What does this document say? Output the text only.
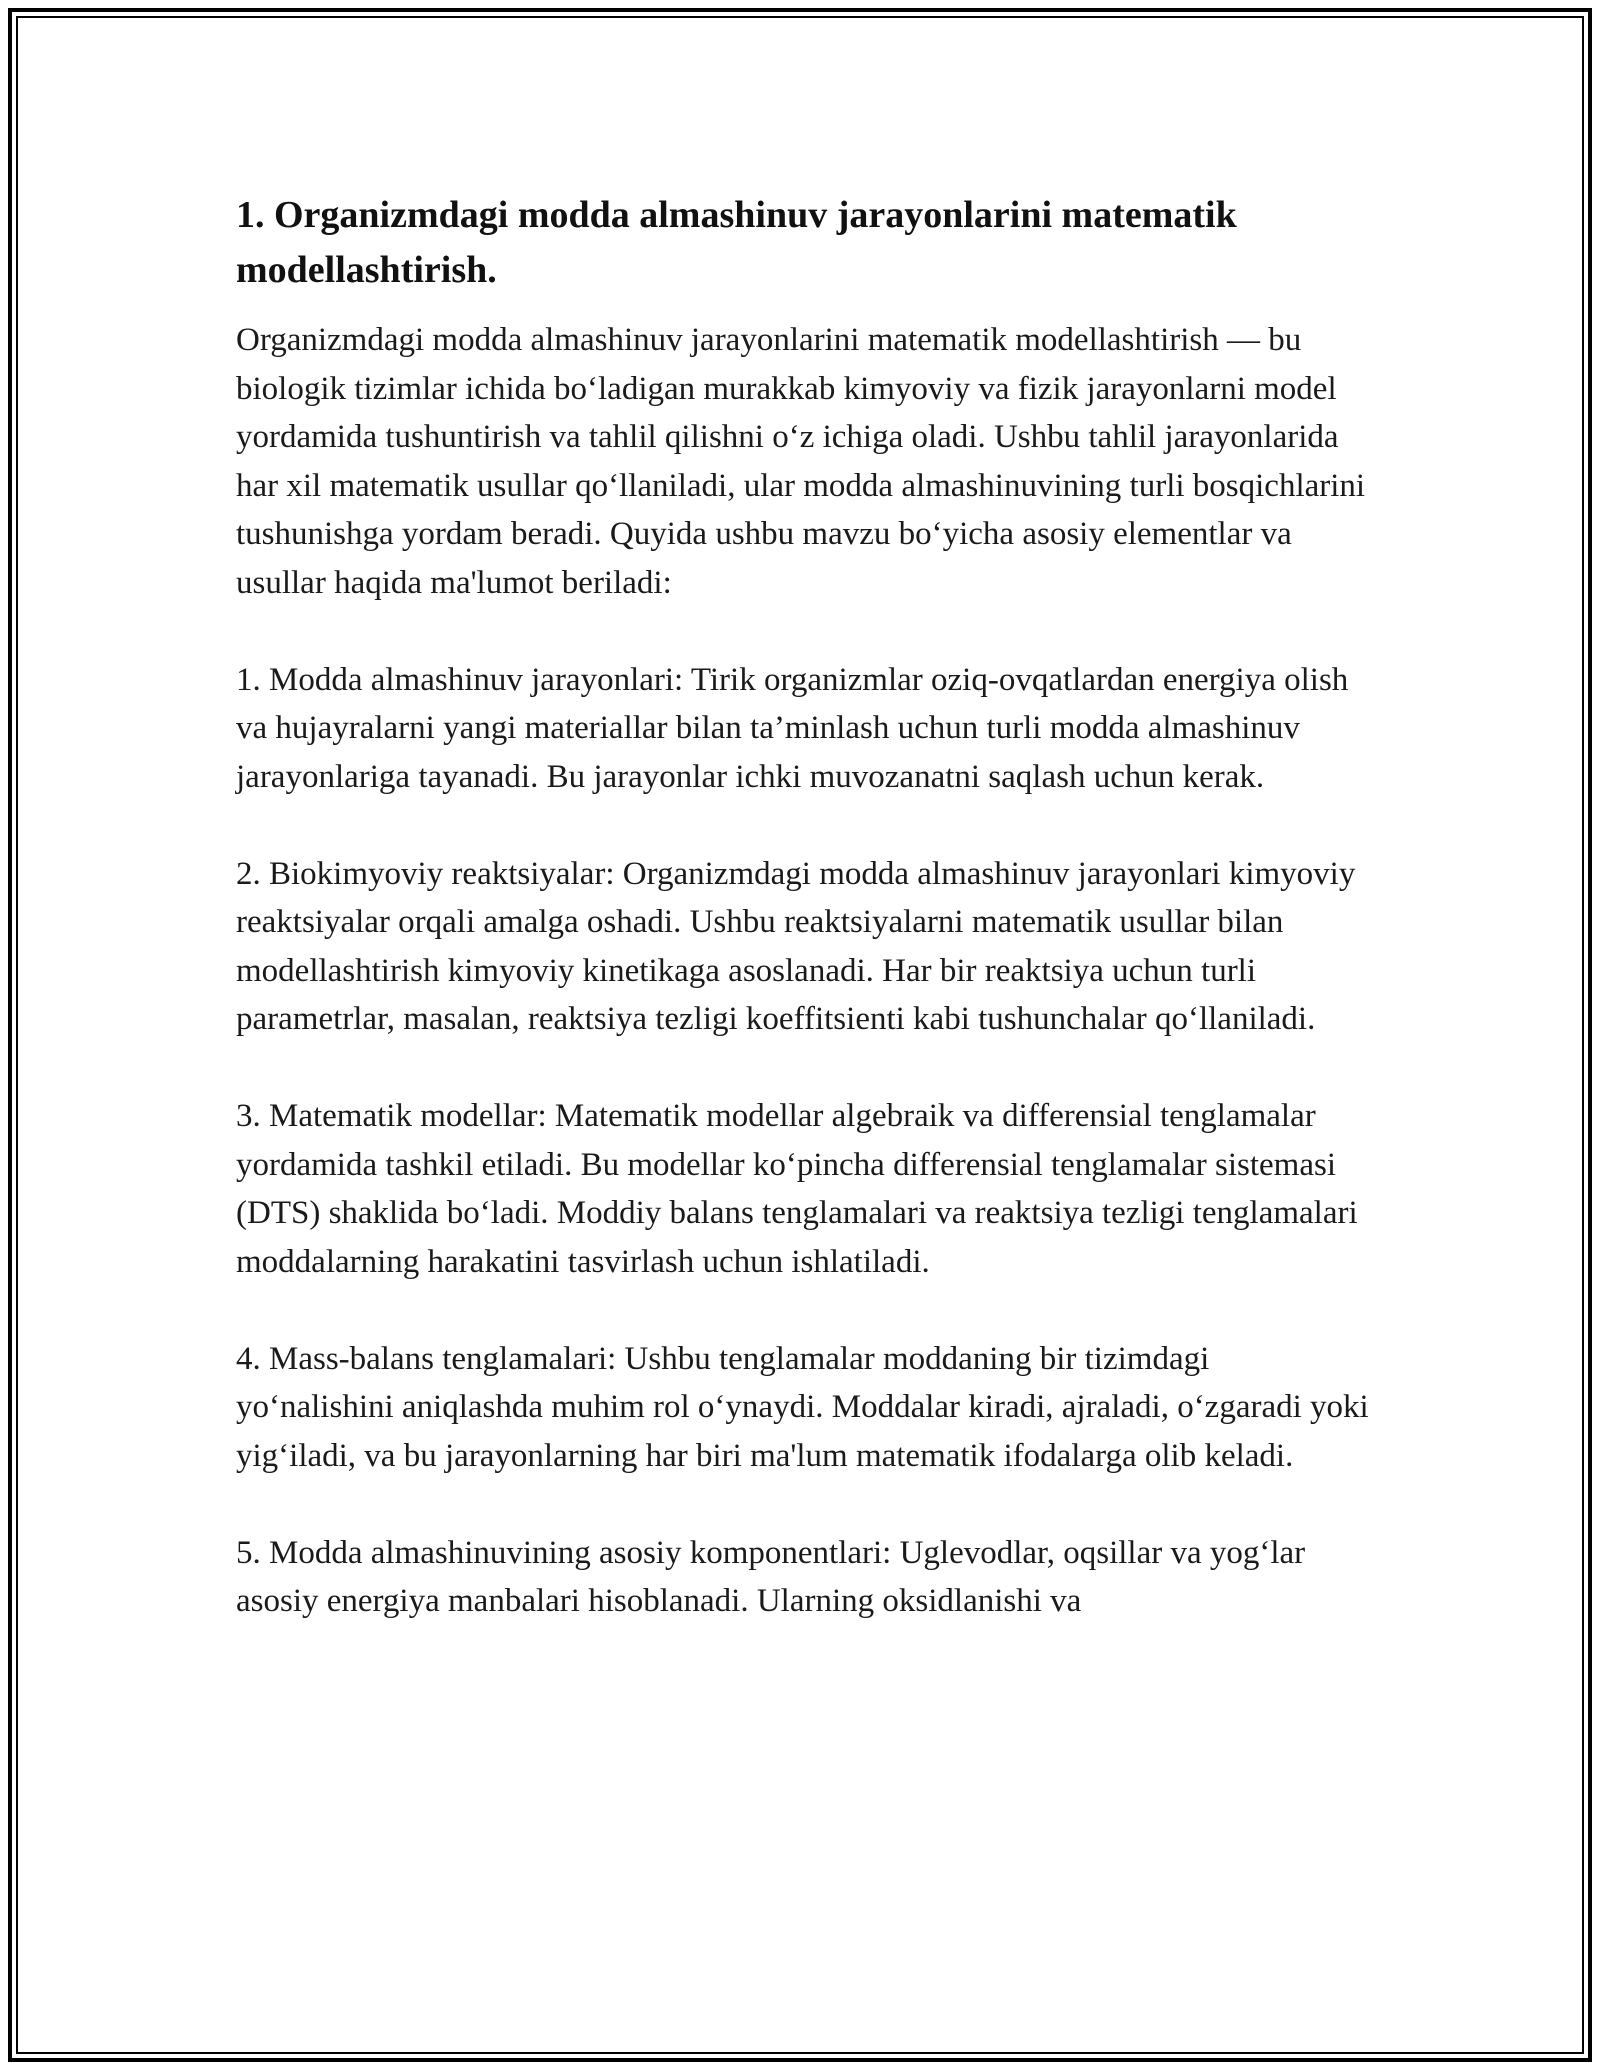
1. Organizmdagi modda almashinuv jarayonlarini matematik modellashtirish.

Organizmdagi modda almashinuv jarayonlarini matematik modellashtirish — bu biologik tizimlar ichida bo‘ladigan murakkab kimyoviy va fizik jarayonlarni model yordamida tushuntirish va tahlil qilishni o‘z ichiga oladi. Ushbu tahlil jarayonlarida har xil matematik usullar qo‘llaniladi, ular modda almashinuvining turli bosqichlarini tushunishga yordam beradi. Quyida ushbu mavzu bo‘yicha asosiy elementlar va usullar haqida ma'lumot beriladi:

1. Modda almashinuv jarayonlari: Tirik organizmlar oziq-ovqatlardan energiya olish va hujayralarni yangi materiallar bilan ta’minlash uchun turli modda almashinuv jarayonlariga tayanadi. Bu jarayonlar ichki muvozanatni saqlash uchun kerak.

2. Biokimyoviy reaktsiyalar: Organizmdagi modda almashinuv jarayonlari kimyoviy reaktsiyalar orqali amalga oshadi. Ushbu reaktsiyalarni matematik usullar bilan modellashtirish kimyoviy kinetikaga asoslanadi. Har bir reaktsiya uchun turli parametrlar, masalan, reaktsiya tezligi koeffitsienti kabi tushunchalar qo‘llaniladi.

3. Matematik modellar: Matematik modellar algebraik va differensial tenglamalar yordamida tashkil etiladi. Bu modellar ko‘pincha differensial tenglamalar sistemasi (DTS) shaklida bo‘ladi. Moddiy balans tenglamalari va reaktsiya tezligi tenglamalari moddalarning harakatini tasvirlash uchun ishlatiladi.

4. Mass-balans tenglamalari: Ushbu tenglamalar moddaning bir tizimdagi yo‘nalishini aniqlashda muhim rol o‘ynaydi. Moddalar kiradi, ajraladi, o‘zgaradi yoki yig‘iladi, va bu jarayonlarning har biri ma'lum matematik ifodalarga olib keladi.

5. Modda almashinuvining asosiy komponentlari: Uglevodlar, oqsillar va yog‘lar asosiy energiya manbalari hisoblanadi. Ularning oksidlanishi va
